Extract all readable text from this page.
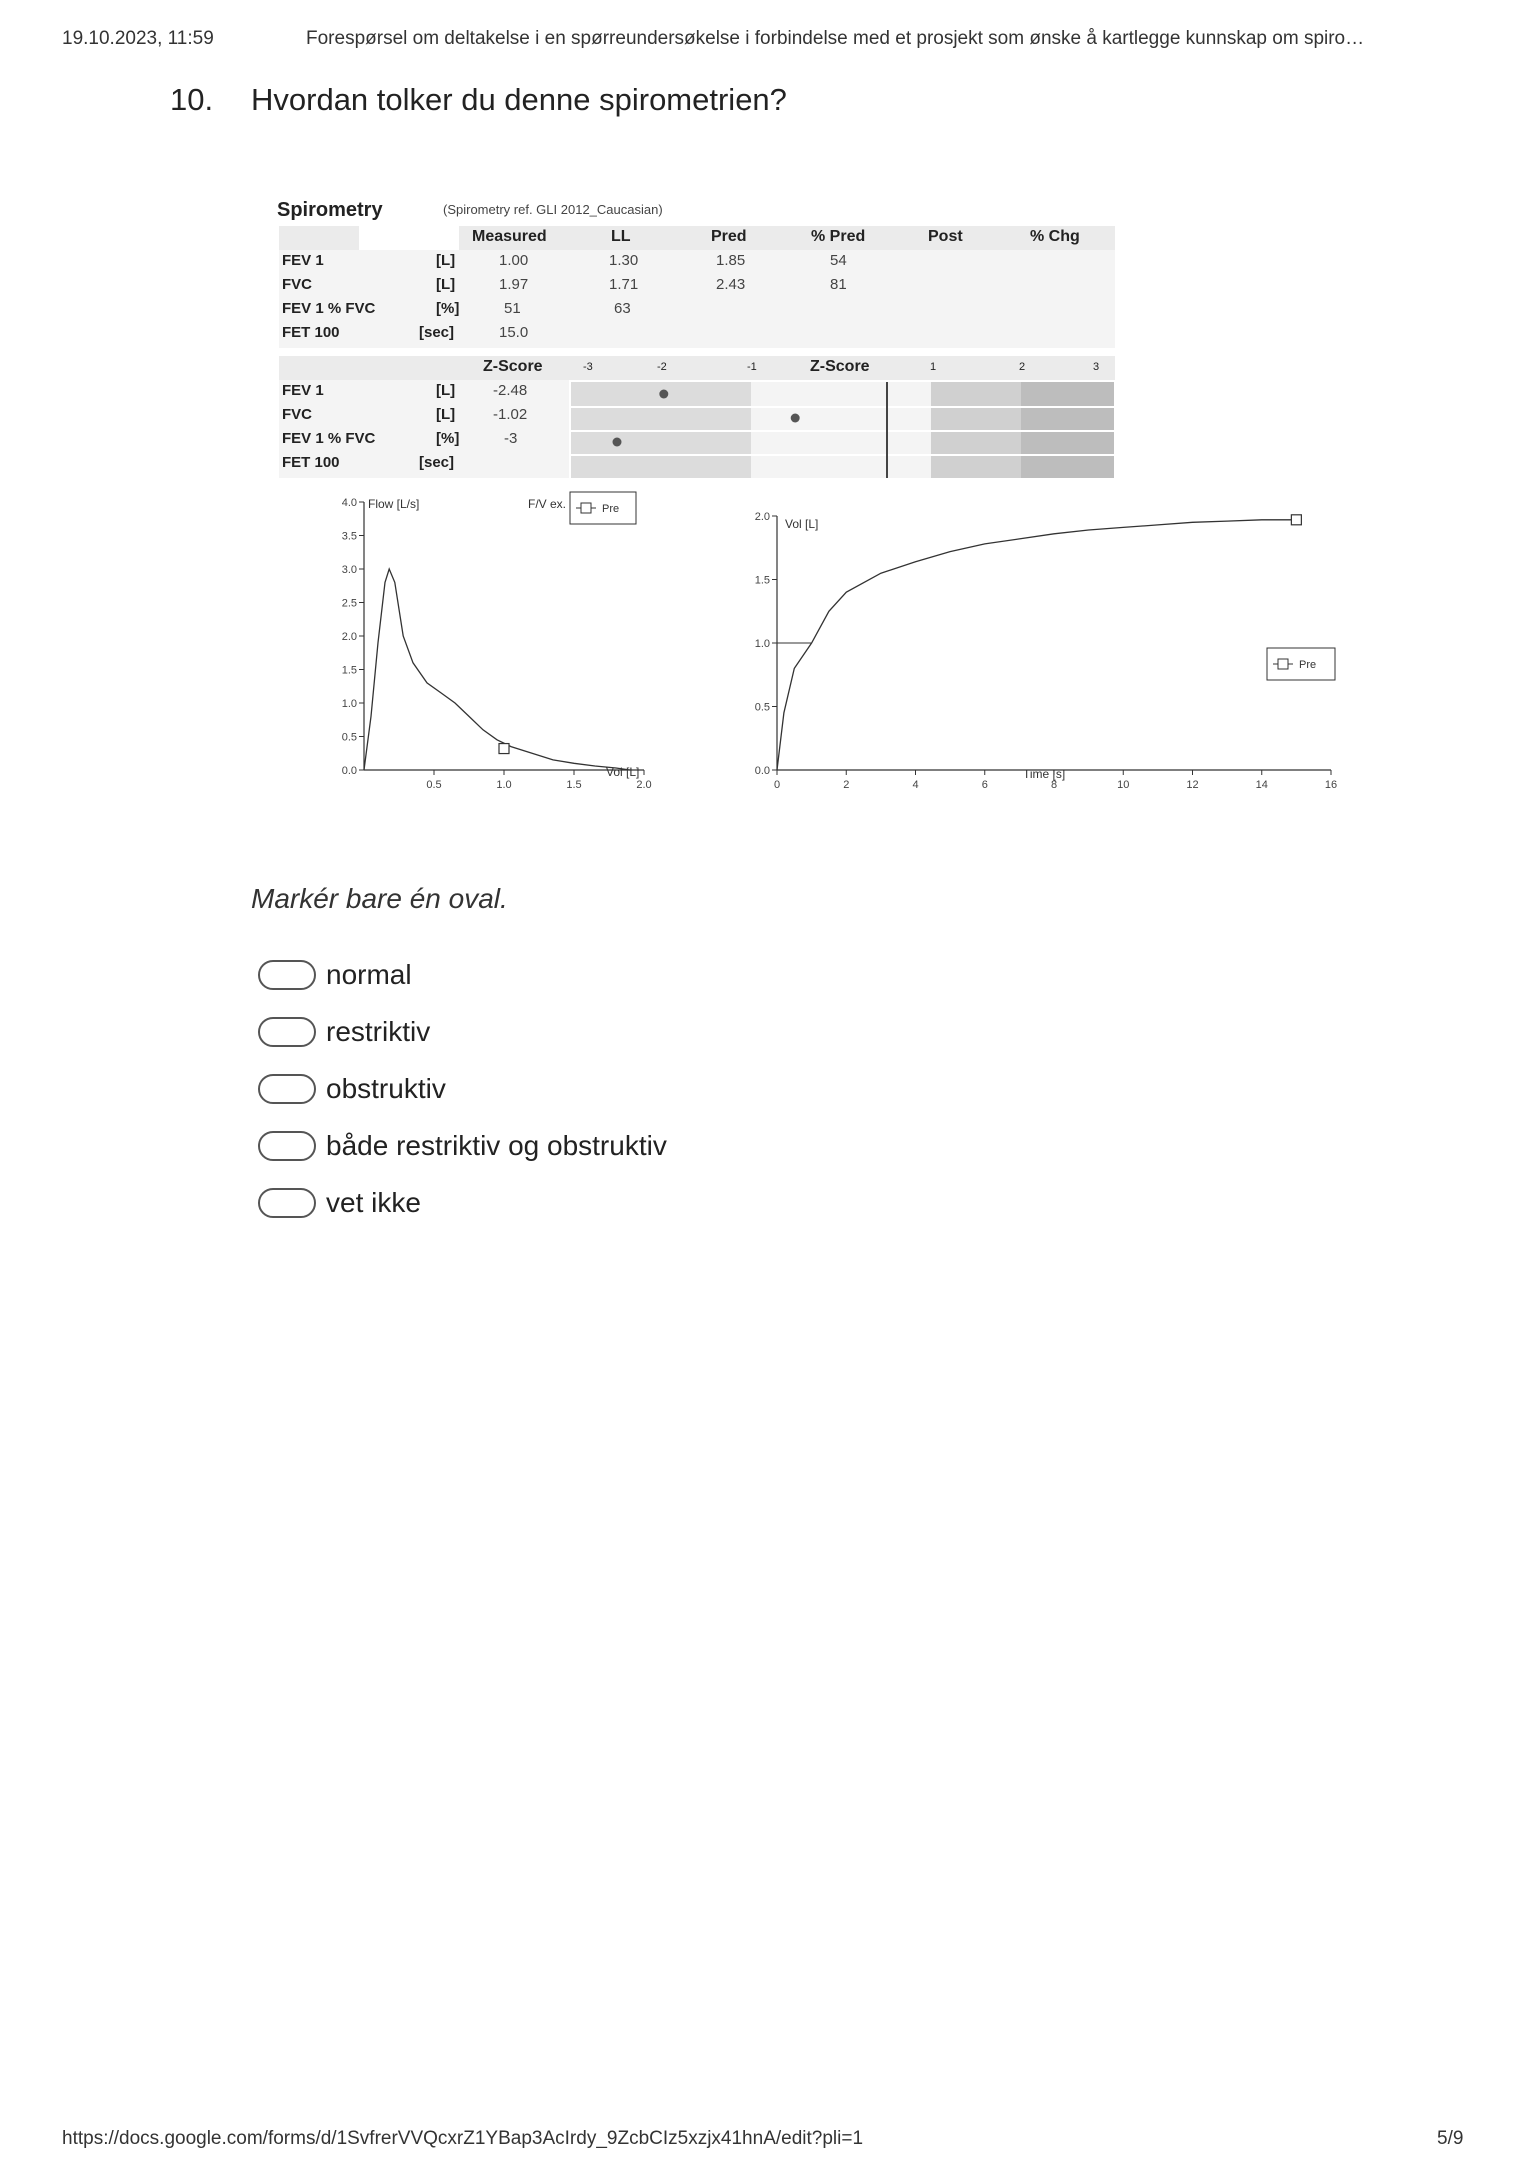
19.10.2023, 11:59	Forespørsel om deltakelse i en spørreundersøkelse i forbindelse med et prosjekt som ønske å kartlegge kunnskap om spiro…
10. Hvordan tolker du denne spirometrien?
Spirometry	(Spirometry ref. GLI 2012_Caucasian)
Measured	LL	Pred	% Pred	Post	% Chg
FEV 1	[L]	1.00	1.30	1.85	54
FVC	[L]	1.97	1.71	2.43	81
FEV 1 % FVC	[%]	51	63
FET 100	[sec]	15.0
Z-Score	-3	-2	-1	Z-Score	1	2	3
FEV 1	[L]	-2.48
FVC	[L]	-1.02
FEV 1 % FVC	[%]	-3
FET 100	[sec]
Flow [L/s]	F/V ex.
Vol [L]
0.0
0.5
1.0
1.5
2.0
2.5
3.0
3.5
4.0
0.5	1.0	1.5	2.0
Pre
Vol [L]
Time [s]
0.0
0.5
1.0
1.5
2.0
0	2	4	6	8	10	12	14	16
Pre
Markér bare én oval.
normal
restriktiv
obstruktiv
både restriktiv og obstruktiv
vet ikke
https://docs.google.com/forms/d/1SvfrerVVQcxrZ1YBap3AcIrdy_9ZcbCIz5xzjx41hnA/edit?pli=1	5/9
